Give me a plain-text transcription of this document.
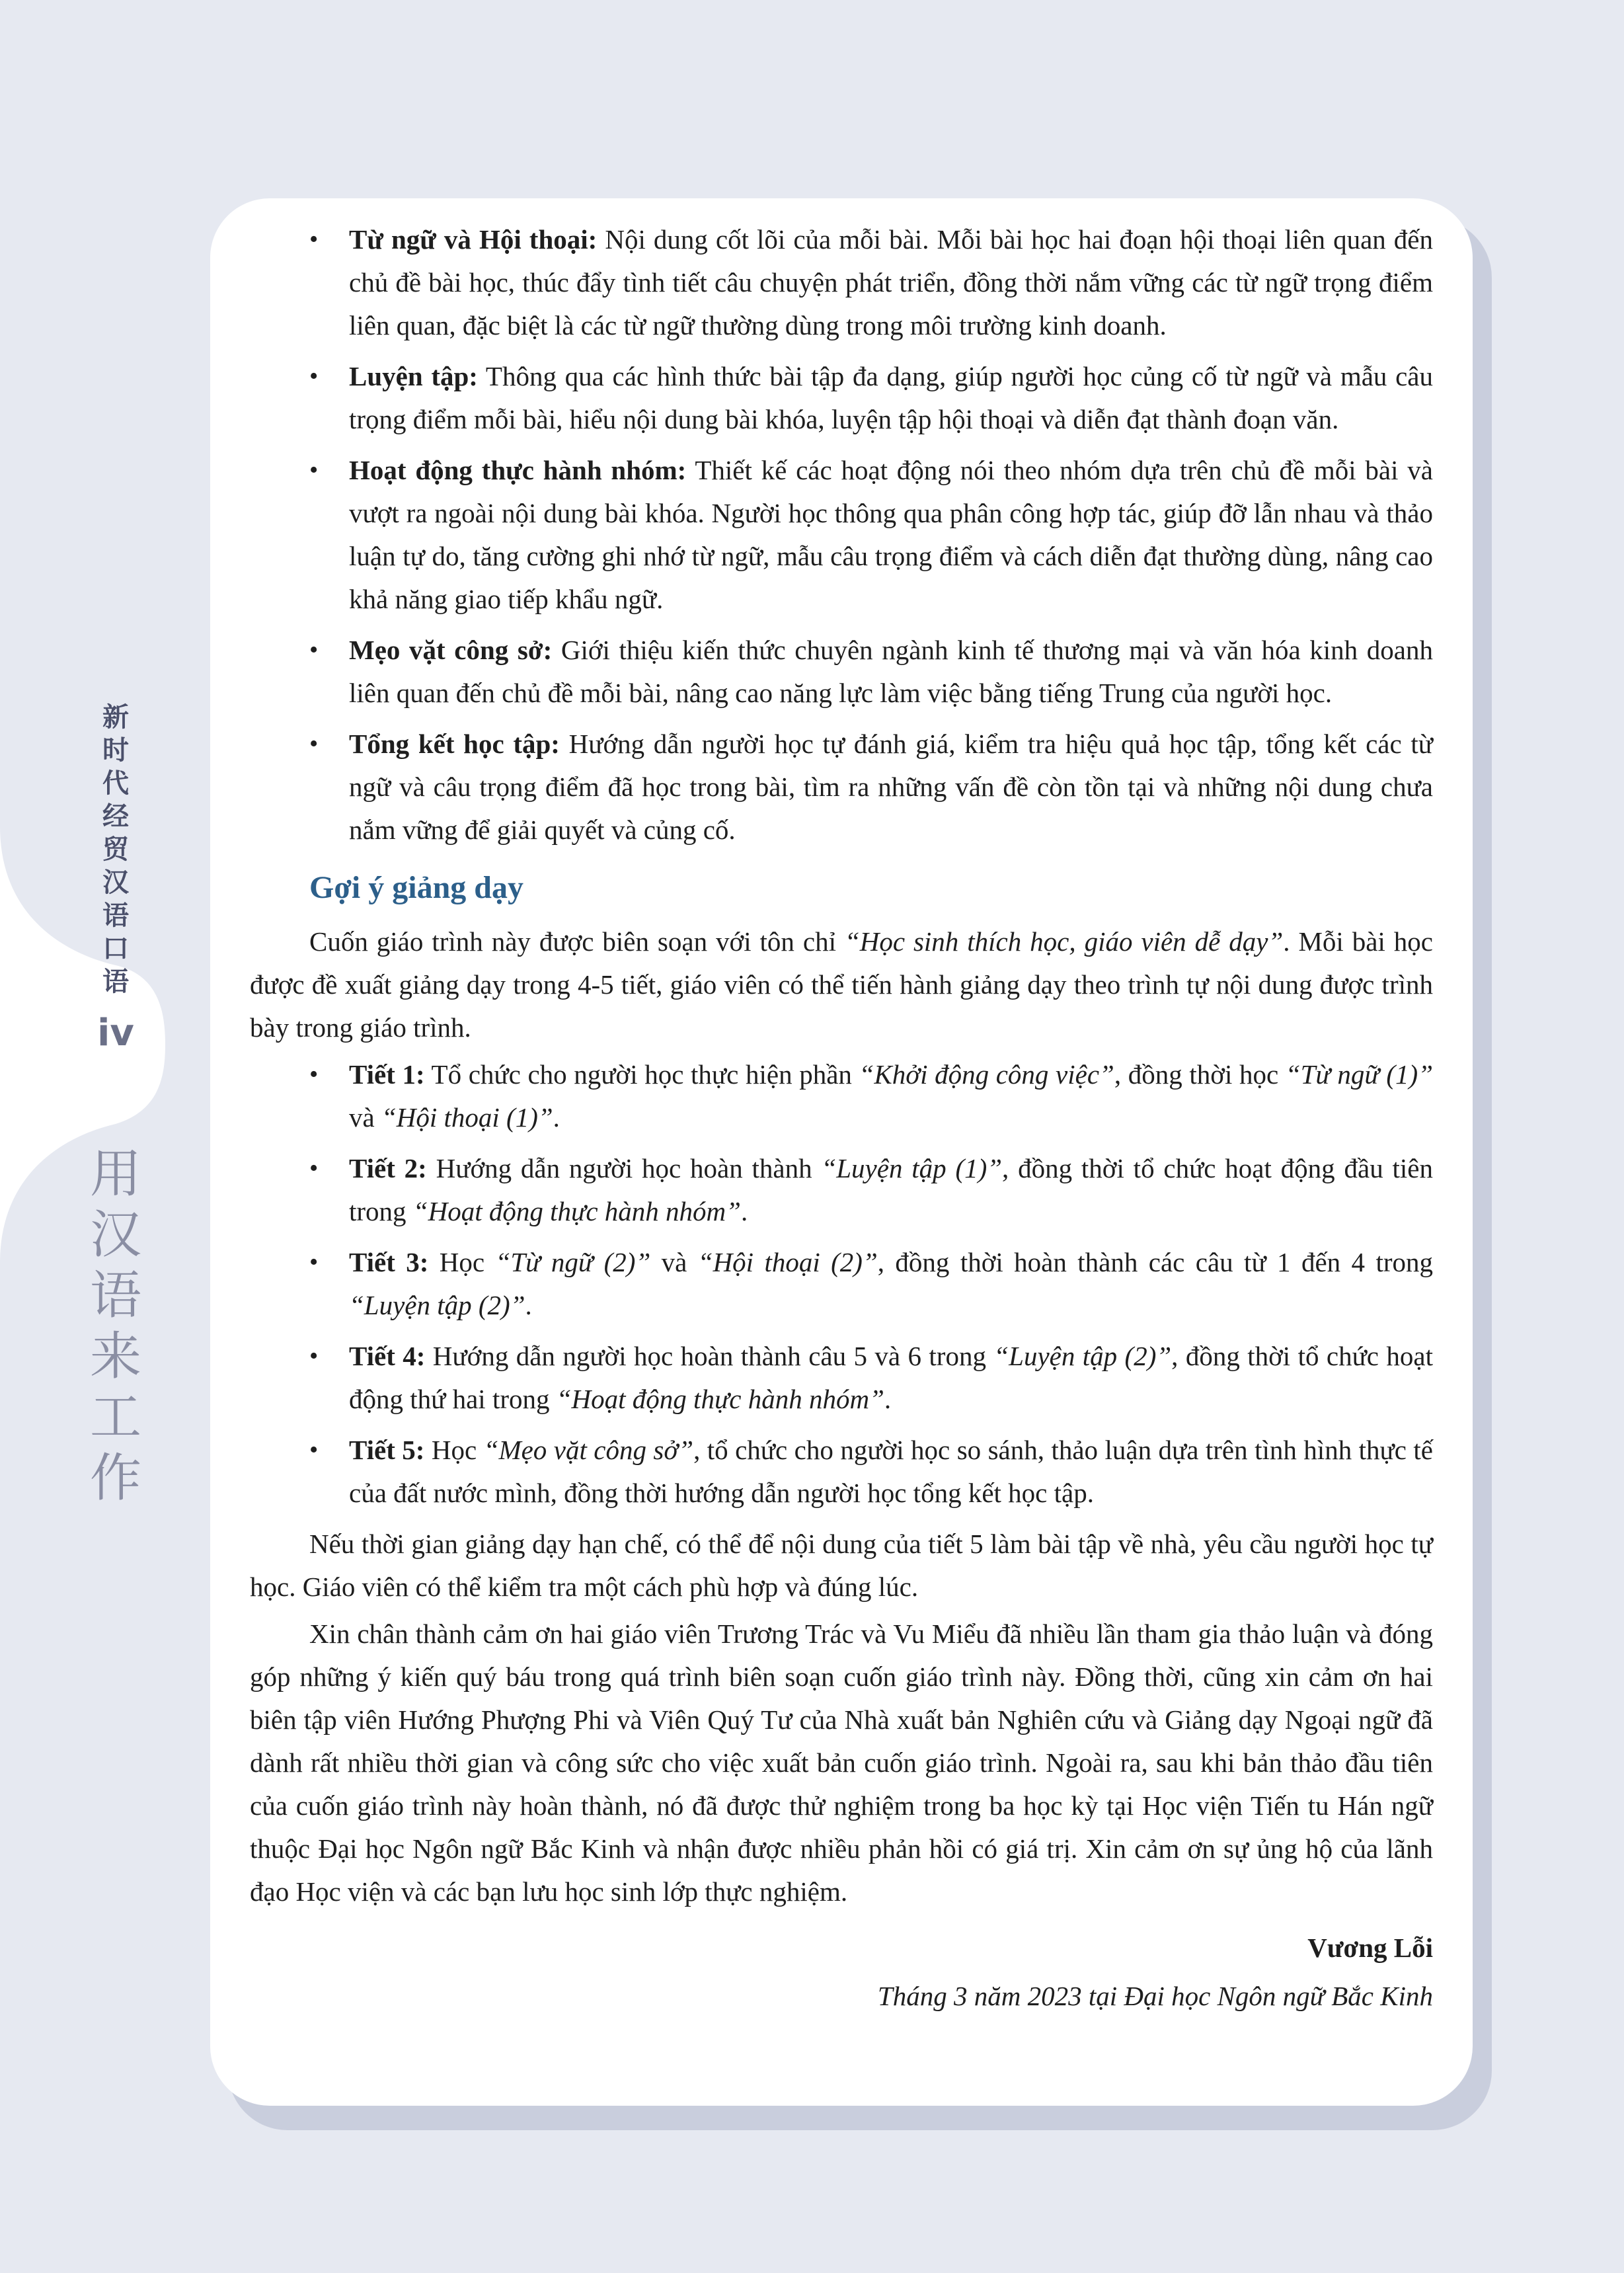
新时代经贸汉语口语
iv
用汉语来工作
• Từ ngữ và Hội thoại: Nội dung cốt lõi của mỗi bài. Mỗi bài học hai đoạn hội thoại liên quan đến chủ đề bài học, thúc đẩy tình tiết câu chuyện phát triển, đồng thời nắm vững các từ ngữ trọng điểm liên quan, đặc biệt là các từ ngữ thường dùng trong môi trường kinh doanh.
• Luyện tập: Thông qua các hình thức bài tập đa dạng, giúp người học củng cố từ ngữ và mẫu câu trọng điểm mỗi bài, hiểu nội dung bài khóa, luyện tập hội thoại và diễn đạt thành đoạn văn.
• Hoạt động thực hành nhóm: Thiết kế các hoạt động nói theo nhóm dựa trên chủ đề mỗi bài và vượt ra ngoài nội dung bài khóa. Người học thông qua phân công hợp tác, giúp đỡ lẫn nhau và thảo luận tự do, tăng cường ghi nhớ từ ngữ, mẫu câu trọng điểm và cách diễn đạt thường dùng, nâng cao khả năng giao tiếp khẩu ngữ.
• Mẹo vặt công sở: Giới thiệu kiến thức chuyên ngành kinh tế thương mại và văn hóa kinh doanh liên quan đến chủ đề mỗi bài, nâng cao năng lực làm việc bằng tiếng Trung của người học.
• Tổng kết học tập: Hướng dẫn người học tự đánh giá, kiểm tra hiệu quả học tập, tổng kết các từ ngữ và câu trọng điểm đã học trong bài, tìm ra những vấn đề còn tồn tại và những nội dung chưa nắm vững để giải quyết và củng cố.
Gợi ý giảng dạy

Cuốn giáo trình này được biên soạn với tôn chỉ “Học sinh thích học, giáo viên dễ dạy”. Mỗi bài học được đề xuất giảng dạy trong 4-5 tiết, giáo viên có thể tiến hành giảng dạy theo trình tự nội dung được trình bày trong giáo trình.

• Tiết 1: Tổ chức cho người học thực hiện phần “Khởi động công việc”, đồng thời học “Từ ngữ (1)” và “Hội thoại (1)”.
• Tiết 2: Hướng dẫn người học hoàn thành “Luyện tập (1)”, đồng thời tổ chức hoạt động đầu tiên trong “Hoạt động thực hành nhóm”.
• Tiết 3: Học “Từ ngữ (2)” và “Hội thoại (2)”, đồng thời hoàn thành các câu từ 1 đến 4 trong “Luyện tập (2)”.
• Tiết 4: Hướng dẫn người học hoàn thành câu 5 và 6 trong “Luyện tập (2)”, đồng thời tổ chức hoạt động thứ hai trong “Hoạt động thực hành nhóm”.
• Tiết 5: Học “Mẹo vặt công sở”, tổ chức cho người học so sánh, thảo luận dựa trên tình hình thực tế của đất nước mình, đồng thời hướng dẫn người học tổng kết học tập.

Nếu thời gian giảng dạy hạn chế, có thể để nội dung của tiết 5 làm bài tập về nhà, yêu cầu người học tự học. Giáo viên có thể kiểm tra một cách phù hợp và đúng lúc.

Xin chân thành cảm ơn hai giáo viên Trương Trác và Vu Miểu đã nhiều lần tham gia thảo luận và đóng góp những ý kiến quý báu trong quá trình biên soạn cuốn giáo trình này. Đồng thời, cũng xin cảm ơn hai biên tập viên Hướng Phượng Phi và Viên Quý Tư của Nhà xuất bản Nghiên cứu và Giảng dạy Ngoại ngữ đã dành rất nhiều thời gian và công sức cho việc xuất bản cuốn giáo trình. Ngoài ra, sau khi bản thảo đầu tiên của cuốn giáo trình này hoàn thành, nó đã được thử nghiệm trong ba học kỳ tại Học viện Tiến tu Hán ngữ thuộc Đại học Ngôn ngữ Bắc Kinh và nhận được nhiều phản hồi có giá trị. Xin cảm ơn sự ủng hộ của lãnh đạo Học viện và các bạn lưu học sinh lớp thực nghiệm.

Vương Lỗi
Tháng 3 năm 2023 tại Đại học Ngôn ngữ Bắc Kinh
